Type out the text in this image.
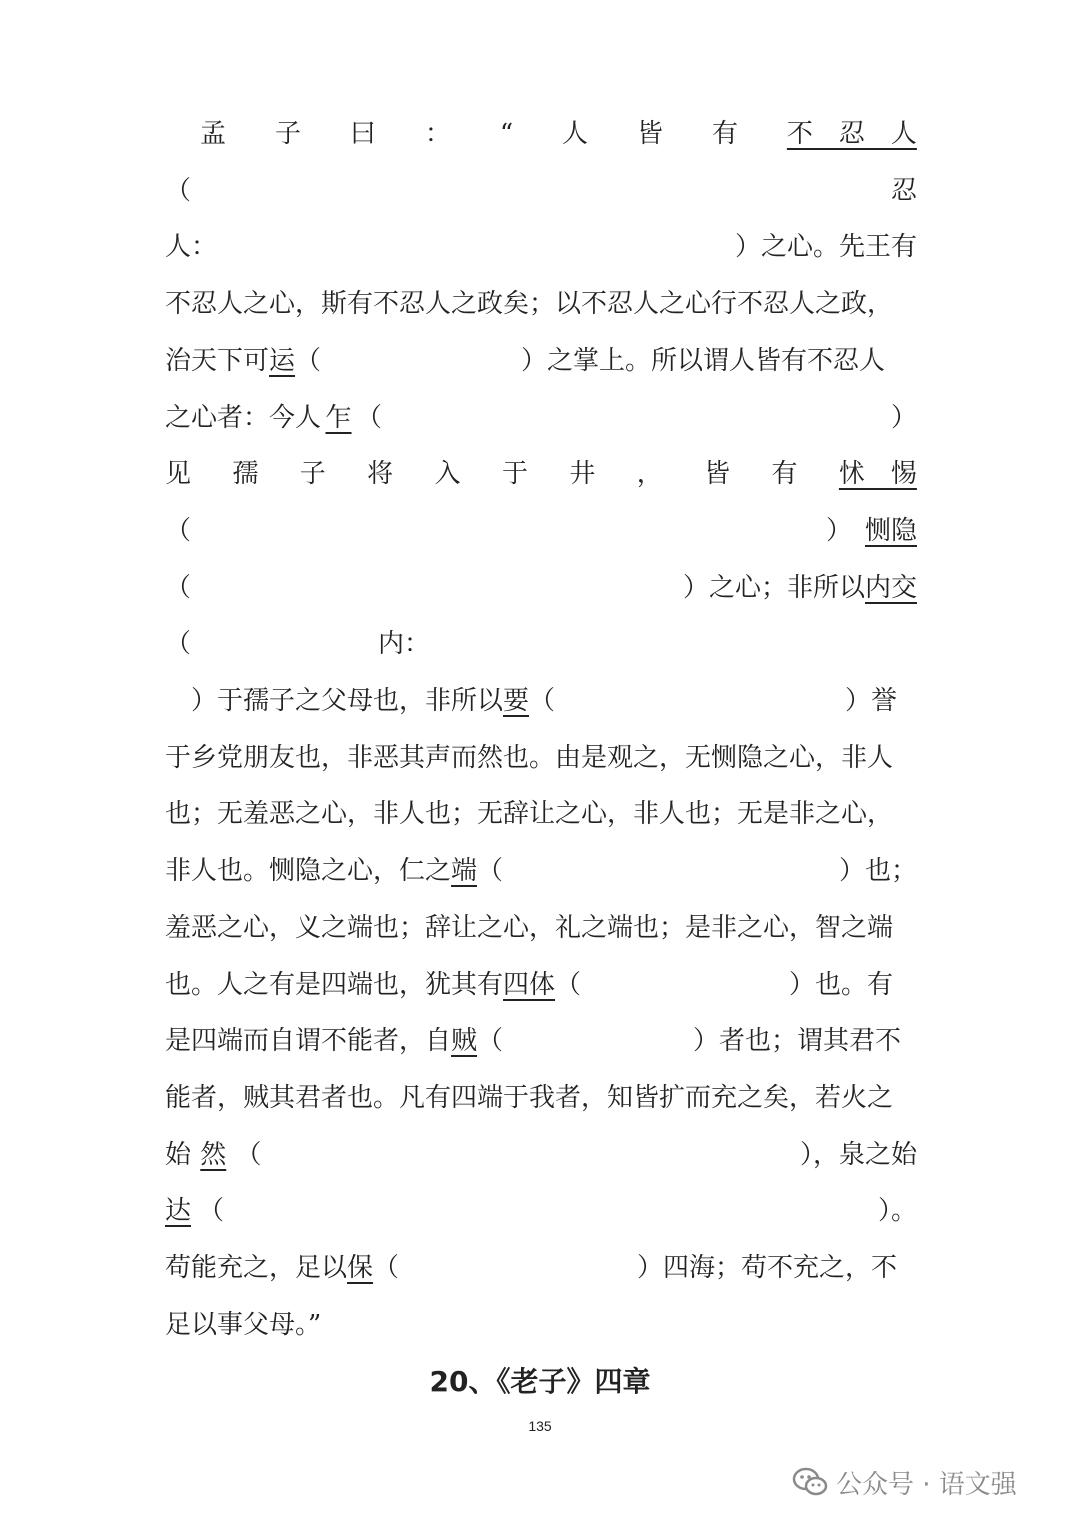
孟 子 曰 ： “ 人 皆 有 不　忍　人
（	忍
人：	）之心。先王有
不忍人之心，斯有不忍人之政矣；以不忍人之心行不忍人之政，
治天下可 运 （	）之掌上。所以谓人皆有不忍人
之心者：今人 乍 （	）
见 孺 子 将 入 于 井 ， 皆 有 怵　惕
（	）　恻隐
（	）之心；非所以内交
（	内：
　）于孺子之父母也，非所以 要 （	）誉
于乡党朋友也，非恶其声而然也。由是观之，无恻隐之心，非人
也；无羞恶之心，非人也；无辞让之心，非人也；无是非之心，
非人也。恻隐之心，仁之 端 （	）也；
羞恶之心，义之端也；辞让之心，礼之端也；是非之心，智之端
也。人之有是四端也，犹其有 四体 （	）也。有
是四端而自谓不能者，自 贼 （	）者也；谓其君不
能者，贼其君者也。凡有四端于我者，知皆扩而充之矣，若火之
始 然 （	），泉之始
达 （	）。
苟能充之，足以 保 （	）四海；苟不充之，不
足以事父母。”
20、《老子》四章
135
公众号 · 语文强
